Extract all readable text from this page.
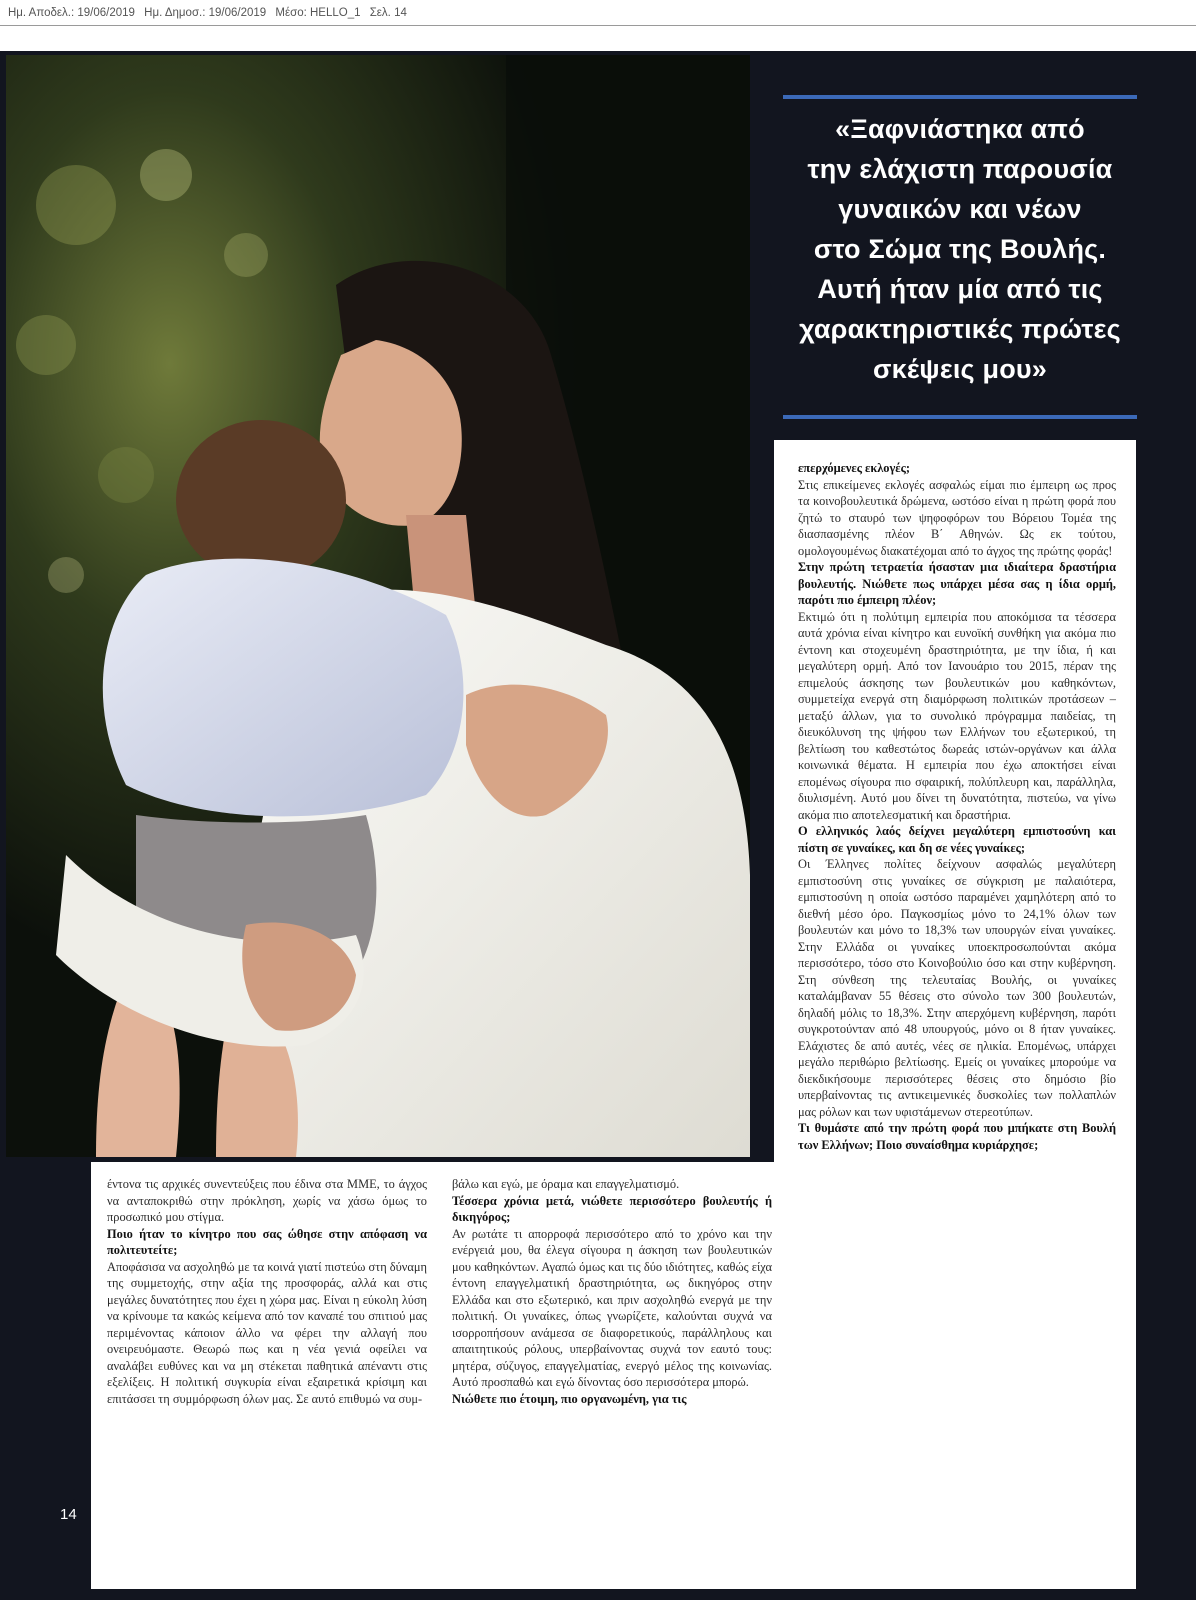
Ημ. Αποδελ.: 19/06/2019 Ημ. Δημοσ.: 19/06/2019 Μέσο: HELLO_1 Σελ. 14
«Ξαφνιάστηκα από
την ελάχιστη παρουσία
γυναικών και νέων
στο Σώμα της Βουλής.
Αυτή ήταν μία από τις
χαρακτηριστικές πρώτες
σκέψεις μου»
επερχόμενες εκλογές;
Στις επικείμενες εκλογές ασφαλώς είμαι πιο έμπειρη ως προς τα κοινοβουλευτικά δρώμενα, ωστόσο είναι η πρώτη φορά που ζητώ το σταυρό των ψηφοφόρων του Βόρειου Τομέα της διασπασμένης πλέον Β΄ Αθηνών. Ως εκ τούτου, ομολογουμένως διακατέχομαι από το άγχος της πρώτης φοράς!
Στην πρώτη τετραετία ήσασταν μια ιδιαίτερα δραστήρια βουλευτής. Νιώθετε πως υπάρχει μέσα σας η ίδια ορμή, παρότι πιο έμπειρη πλέον;
Εκτιμώ ότι η πολύτιμη εμπειρία που αποκόμισα τα τέσσερα αυτά χρόνια είναι κίνητρο και ευνοϊκή συνθήκη για ακόμα πιο έντονη και στοχευμένη δραστηριότητα, με την ίδια, ή και μεγαλύτερη ορμή. Από τον Ιανουάριο του 2015, πέραν της επιμελούς άσκησης των βουλευτικών μου καθηκόντων, συμμετείχα ενεργά στη διαμόρφωση πολιτικών προτάσεων – μεταξύ άλλων, για το συνολικό πρόγραμμα παιδείας, τη διευκόλυνση της ψήφου των Ελλήνων του εξωτερικού, τη βελτίωση του καθεστώτος δωρεάς ιστών-οργάνων και άλλα κοινωνικά θέματα. Η εμπειρία που έχω αποκτήσει είναι επομένως σίγουρα πιο σφαιρική, πολύπλευρη και, παράλληλα, διυλισμένη. Αυτό μου δίνει τη δυνατότητα, πιστεύω, να γίνω ακόμα πιο αποτελεσματική και δραστήρια.
Ο ελληνικός λαός δείχνει μεγαλύτερη εμπιστοσύνη και πίστη σε γυναίκες, και δη σε νέες γυναίκες;
Οι Έλληνες πολίτες δείχνουν ασφαλώς μεγαλύτερη εμπιστοσύνη στις γυναίκες σε σύγκριση με παλαιότερα, εμπιστοσύνη η οποία ωστόσο παραμένει χαμηλότερη από το διεθνή μέσο όρο. Παγκοσμίως μόνο το 24,1% όλων των βουλευτών και μόνο το 18,3% των υπουργών είναι γυναίκες. Στην Ελλάδα οι γυναίκες υποεκπροσωπούνται ακόμα περισσότερο, τόσο στο Κοινοβούλιο όσο και στην κυβέρνηση. Στη σύνθεση της τελευταίας Βουλής, οι γυναίκες καταλάμβαναν 55 θέσεις στο σύνολο των 300 βουλευτών, δηλαδή μόλις το 18,3%. Στην απερχόμενη κυβέρνηση, παρότι συγκροτούνταν από 48 υπουργούς, μόνο οι 8 ήταν γυναίκες. Ελάχιστες δε από αυτές, νέες σε ηλικία. Επομένως, υπάρχει μεγάλο περιθώριο βελτίωσης. Εμείς οι γυναίκες μπορούμε να διεκδικήσουμε περισσότερες θέσεις στο δημόσιο βίο υπερβαίνοντας τις αντικειμενικές δυσκολίες των πολλαπλών μας ρόλων και των υφιστάμενων στερεοτύπων.
Τι θυμάστε από την πρώτη φορά που μπήκατε στη Βουλή των Ελλήνων; Ποιο συναίσθημα κυριάρχησε;
έντονα τις αρχικές συνεντεύξεις που έδινα στα ΜΜΕ, το άγχος να ανταποκριθώ στην πρόκληση, χωρίς να χάσω όμως το προσωπικό μου στίγμα.
Ποιο ήταν το κίνητρο που σας ώθησε στην απόφαση να πολιτευτείτε;
Αποφάσισα να ασχοληθώ με τα κοινά γιατί πιστεύω στη δύναμη της συμμετοχής, στην αξία της προσφοράς, αλλά και στις μεγάλες δυνατότητες που έχει η χώρα μας. Είναι η εύκολη λύση να κρίνουμε τα κακώς κείμενα από τον καναπέ του σπιτιού μας περιμένοντας κάποιον άλλο να φέρει την αλλαγή που ονειρευόμαστε. Θεωρώ πως και η νέα γενιά οφείλει να αναλάβει ευθύνες και να μη στέκεται παθητικά απέναντι στις εξελίξεις. Η πολιτική συγκυρία είναι εξαιρετικά κρίσιμη και επιτάσσει τη συμμόρφωση όλων μας. Σε αυτό επιθυμώ να συμ-
βάλω και εγώ, με όραμα και επαγγελματισμό.
Τέσσερα χρόνια μετά, νιώθετε περισσότερο βουλευτής ή δικηγόρος;
Αν ρωτάτε τι απορροφά περισσότερο από το χρόνο και την ενέργειά μου, θα έλεγα σίγουρα η άσκηση των βουλευτικών μου καθηκόντων. Αγαπώ όμως και τις δύο ιδιότητες, καθώς είχα έντονη επαγγελματική δραστηριότητα, ως δικηγόρος στην Ελλάδα και στο εξωτερικό, και πριν ασχοληθώ ενεργά με την πολιτική. Οι γυναίκες, όπως γνωρίζετε, καλούνται συχνά να ισορροπήσουν ανάμεσα σε διαφορετικούς, παράλληλους και απαιτητικούς ρόλους, υπερβαίνοντας συχνά τον εαυτό τους: μητέρα, σύζυγος, επαγγελματίας, ενεργό μέλος της κοινωνίας. Αυτό προσπαθώ και εγώ δίνοντας όσο περισσότερα μπορώ.
Νιώθετε πιο έτοιμη, πιο οργανωμένη, για τις
14
